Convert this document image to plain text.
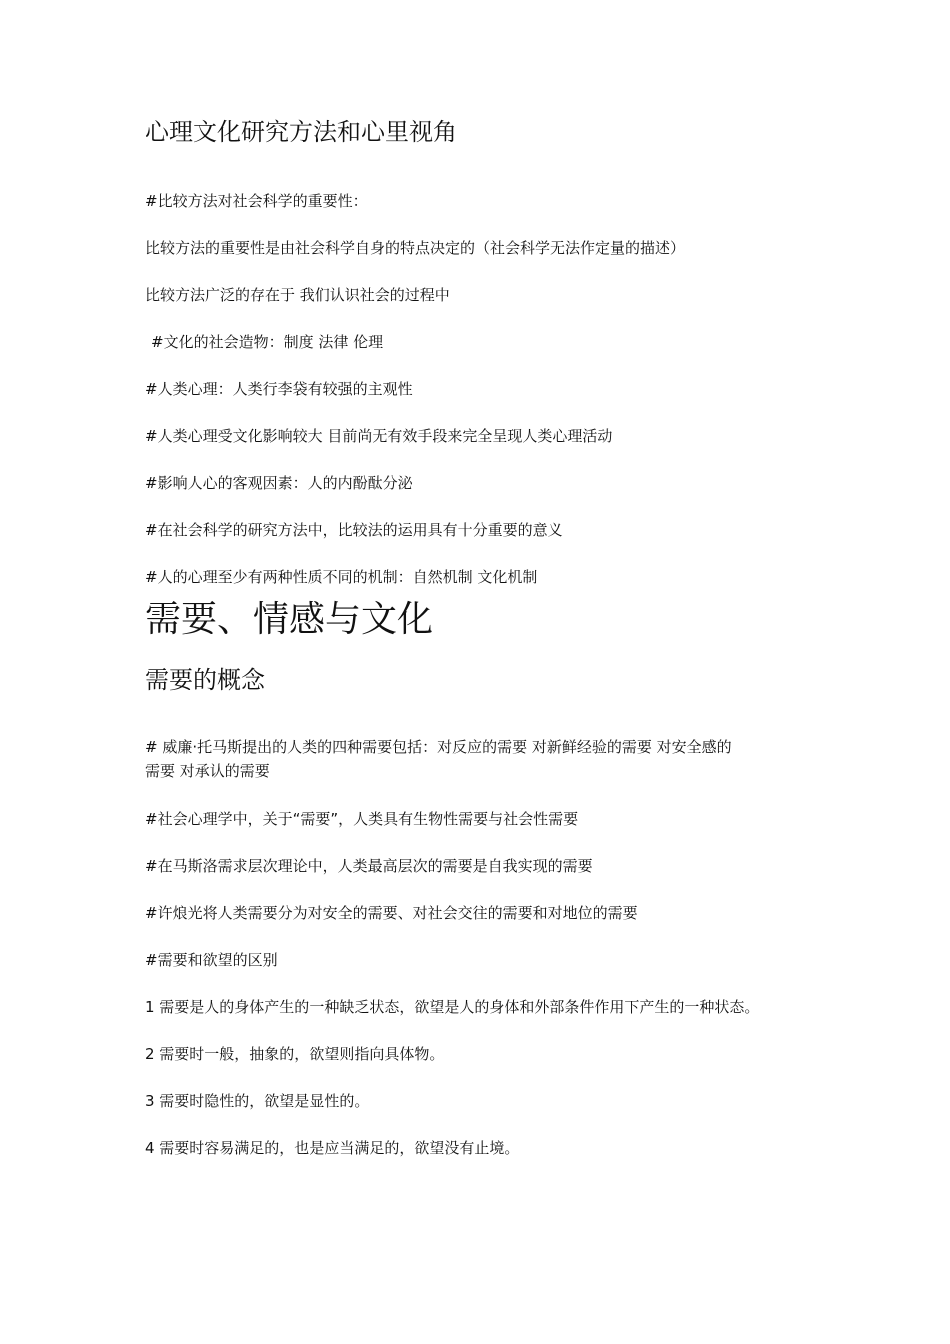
心理文化研究方法和心里视角
#比较方法对社会科学的重要性：
比较方法的重要性是由社会科学自身的特点决定的（社会科学无法作定量的描述）
比较方法广泛的存在于 我们认识社会的过程中
#文化的社会造物：制度 法律 伦理
#人类心理：人类行李袋有较强的主观性
#人类心理受文化影响较大 目前尚无有效手段来完全呈现人类心理活动
#影响人心的客观因素：人的内酚酞分泌
#在社会科学的研究方法中，比较法的运用具有十分重要的意义
#人的心理至少有两种性质不同的机制：自然机制 文化机制
需要、情感与文化
需要的概念
# 威廉·托马斯提出的人类的四种需要包括：对反应的需要 对新鲜经验的需要 对安全感的
需要 对承认的需要
#社会心理学中，关于“需要”，人类具有生物性需要与社会性需要
#在马斯洛需求层次理论中，人类最高层次的需要是自我实现的需要
#许烺光将人类需要分为对安全的需要、对社会交往的需要和对地位的需要
#需要和欲望的区别
1 需要是人的身体产生的一种缺乏状态，欲望是人的身体和外部条件作用下产生的一种状态。
2 需要时一般，抽象的，欲望则指向具体物。
3 需要时隐性的，欲望是显性的。
4 需要时容易满足的，也是应当满足的，欲望没有止境。
